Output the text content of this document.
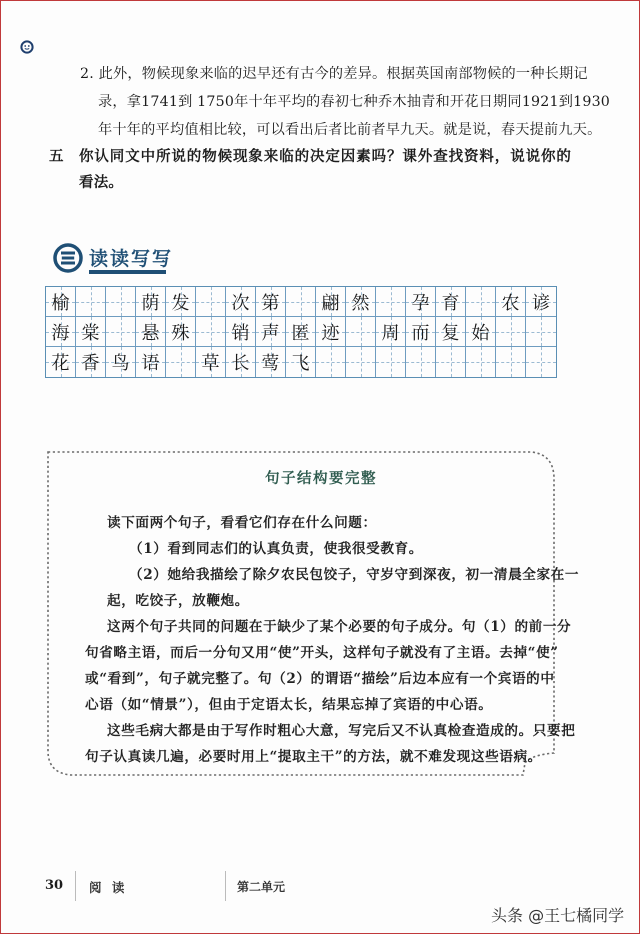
2. 此外，物候现象来临的迟早还有古今的差异。根据英国南部物候的一种长期记
录，拿1741到 1750年十年平均的春初七种乔木抽青和开花日期同1921到1930
年十年的平均值相比较，可以看出后者比前者早九天。就是说，春天提前九天。
五 你认同文中所说的物候现象来临的决定因素吗？课外查找资料，说说你的
看法。
读读写写
榆	荫 发 次 第 翩 然 孕 育 农 谚
海 棠 悬 殊 销 声 匿 迹 周 而 复 始
花 香 鸟 语 草 长 莺 飞
句子结构要完整
读下面两个句子，看看它们存在什么问题：
（1）看到同志们的认真负责，使我很受教育。
（2）她给我描绘了除夕农民包饺子，守岁守到深夜，初一清晨全家在一
起，吃饺子，放鞭炮。
这两个句子共同的问题在于缺少了某个必要的句子成分。句（1）的前一分
句省略主语，而后一分句又用“使”开头，这样句子就没有了主语。去掉“使”
或“看到”，句子就完整了。句（2）的谓语“描绘”后边本应有一个宾语的中
心语（如“情景”），但由于定语太长，结果忘掉了宾语的中心语。
这些毛病大都是由于写作时粗心大意，写完后又不认真检查造成的。只要把
句子认真读几遍，必要时用上“提取主干”的方法，就不难发现这些语病。
30 阅 读	第二单元
头条 @王七橘同学
